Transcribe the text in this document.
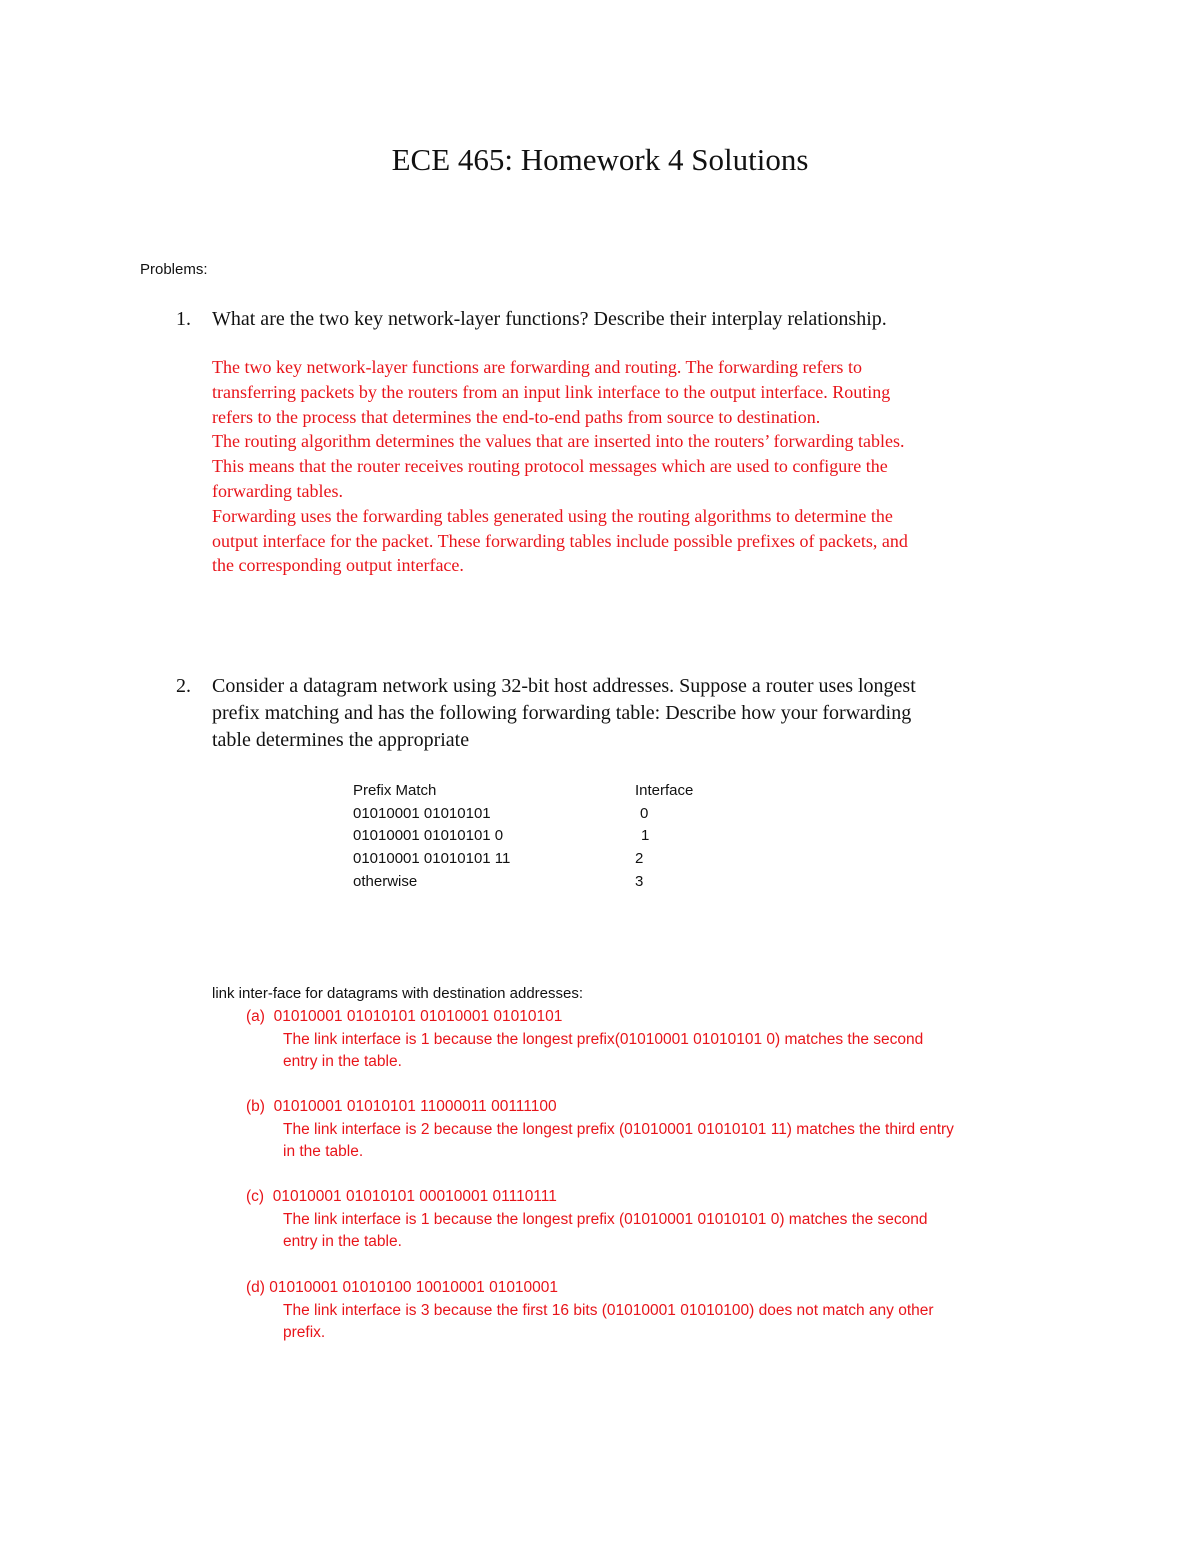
ECE 465: Homework 4 Solutions
Problems:
1. What are the two key network-layer functions? Describe their interplay relationship.
The two key network-layer functions are forwarding and routing. The forwarding refers to
transferring packets by the routers from an input link interface to the output interface. Routing
refers to the process that determines the end-to-end paths from source to destination.
The routing algorithm determines the values that are inserted into the routers’ forwarding tables.
This means that the router receives routing protocol messages which are used to configure the
forwarding tables.
Forwarding uses the forwarding tables generated using the routing algorithms to determine the
output interface for the packet. These forwarding tables include possible prefixes of packets, and
the corresponding output interface.
2. Consider a datagram network using 32-bit host addresses. Suppose a router uses longest
prefix matching and has the following forwarding table: Describe how your forwarding
table determines the appropriate
Prefix Match	Interface
01010001 01010101	0
01010001 01010101 0	1
01010001 01010101 11	2
otherwise	3
link inter-face for datagrams with destination addresses:
(a) 01010001 01010101 01010001 01010101
The link interface is 1 because the longest prefix(01010001 01010101 0) matches the second
entry in the table.
(b) 01010001 01010101 11000011 00111100
The link interface is 2 because the longest prefix (01010001 01010101 11) matches the third entry
in the table.
(c) 01010001 01010101 00010001 01110111
The link interface is 1 because the longest prefix (01010001 01010101 0) matches the second
entry in the table.
(d) 01010001 01010100 10010001 01010001
The link interface is 3 because the first 16 bits (01010001 01010100) does not match any other
prefix.
